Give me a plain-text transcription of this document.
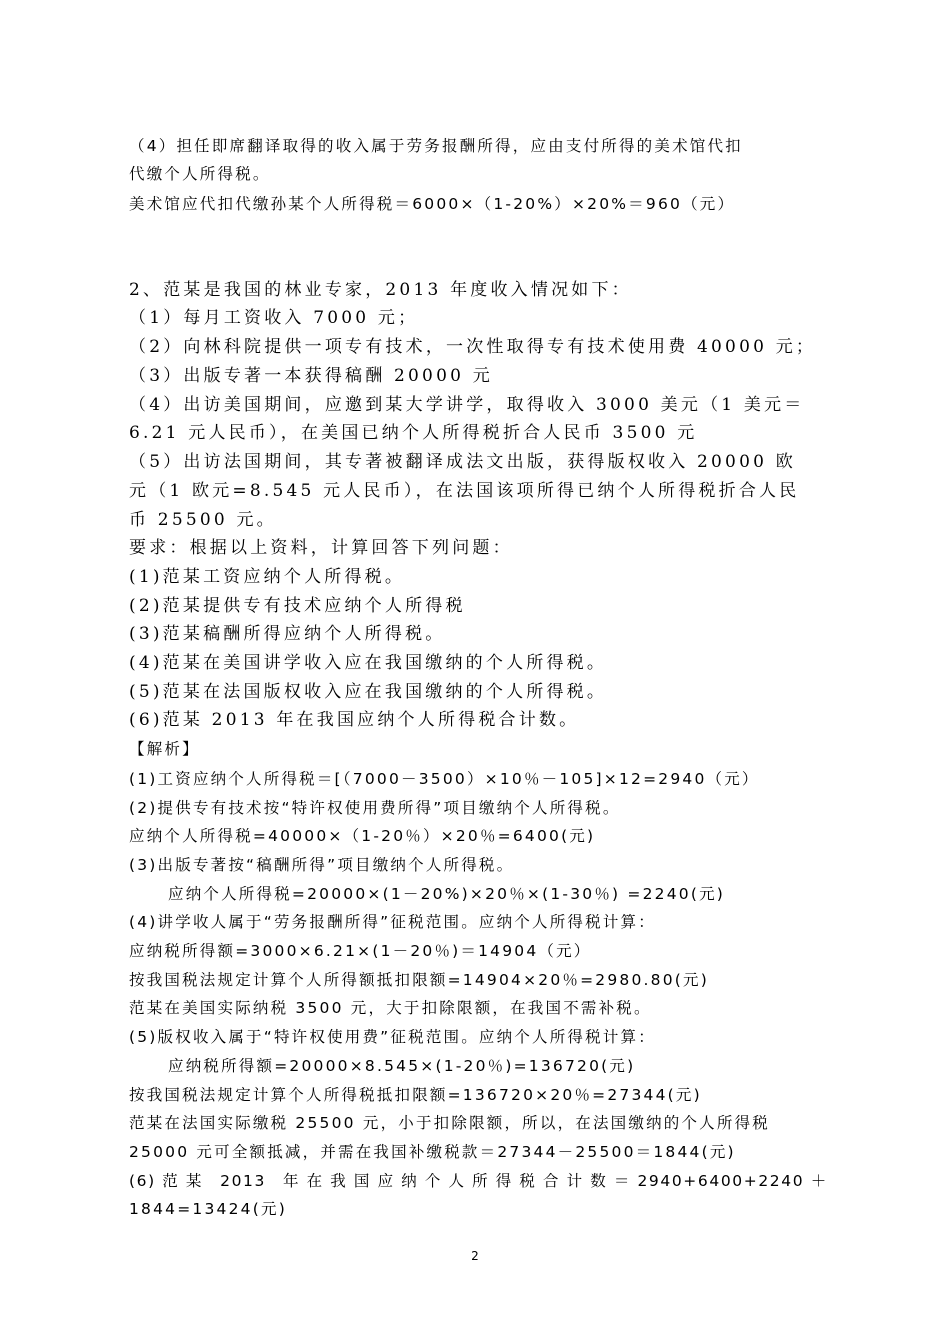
（4）担任即席翻译取得的收入属于劳务报酬所得，应由支付所得的美术馆代扣
代缴个人所得税。
美术馆应代扣代缴孙某个人所得税＝6000×（1-20%）×20%＝960（元）
2、范某是我国的林业专家，2013 年度收入情况如下：
（1）每月工资收入 7000 元；
（2）向林科院提供一项专有技术，一次性取得专有技术使用费 40000 元；
（3）出版专著一本获得稿酬 20000 元
（4）出访美国期间，应邀到某大学讲学，取得收入 3000 美元（1 美元＝
6.21 元人民币），在美国已纳个人所得税折合人民币 3500 元
（5）出访法国期间，其专著被翻译成法文出版，获得版权收入 20000 欧
元（1 欧元=8.545 元人民币），在法国该项所得已纳个人所得税折合人民
币 25500 元。
要求：根据以上资料，计算回答下列问题：
(1)范某工资应纳个人所得税。
(2)范某提供专有技术应纳个人所得税
(3)范某稿酬所得应纳个人所得税。
(4)范某在美国讲学收入应在我国缴纳的个人所得税。
(5)范某在法国版权收入应在我国缴纳的个人所得税。
(6)范某 2013 年在我国应纳个人所得税合计数。
【解析】
(1)工资应纳个人所得税＝[（7000－3500）×10％－105]×12=2940（元）
(2)提供专有技术按“特许权使用费所得”项目缴纳个人所得税。
应纳个人所得税=40000×（1-20％）×20％=6400(元)
(3)出版专著按“稿酬所得”项目缴纳个人所得税。
应纳个人所得税=20000×(1－20%)×20％×(1-30％) =2240(元)
(4)讲学收人属于“劳务报酬所得”征税范围。应纳个人所得税计算：
应纳税所得额=3000×6.21×(1－20％)＝14904（元）
按我国税法规定计算个人所得额抵扣限额=14904×20％=2980.80(元)
范某在美国实际纳税 3500 元，大于扣除限额，在我国不需补税。
(5)版权收入属于“特许权使用费”征税范围。应纳个人所得税计算：
应纳税所得额=20000×8.545×(1-20％)=136720(元)
按我国税法规定计算个人所得税抵扣限额=136720×20％=27344(元)
范某在法国实际缴税 25500 元，小于扣除限额，所以，在法国缴纳的个人所得税
25000 元可全额抵减，并需在我国补缴税款＝27344－25500＝1844(元)
(6) 范 某　2013　年 在 我 国 应 纳 个 人 所 得 税 合 计 数 ＝ 2940+6400+2240 ＋
1844=13424(元)
2
